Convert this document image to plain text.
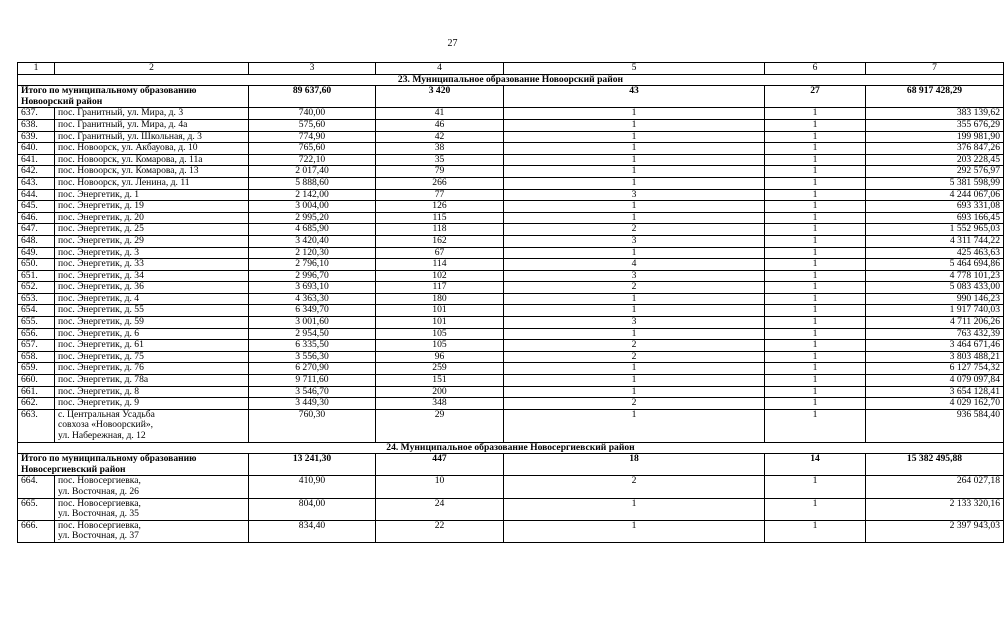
27
1	2	3	4	5	6	7
23. Муниципальное образование Новоорский район						

Итого по муниципальному образованию
Новоорский район		89 637,60	3 420	43	27	68 917 428,29
637.	пос. Гранитный, ул. Мира, д. 3	740,00	41	1	1	383 139,62
638.	пос. Гранитный, ул. Мира, д. 4а	575,60	46	1	1	355 676,29
639.	пос. Гранитный, ул. Школьная, д. 3	774,90	42	1	1	199 981,90
640.	пос. Новоорск, ул. Акбауова, д. 10	765,60	38	1	1	376 847,26
641.	пос. Новоорск, ул. Комарова, д. 11а	722,10	35	1	1	203 228,45
642.	пос. Новоорск, ул. Комарова, д. 13	2 017,40	79	1	1	292 576,97
643.	пос. Новоорск, ул. Ленина, д. 11	5 888,60	266	1	1	5 381 598,99
644.	пос. Энергетик, д. 1	2 142,00	77	3	1	4 244 067,06
645.	пос. Энергетик, д. 19	3 004,00	126	1	1	693 331,08
646.	пос. Энергетик, д. 20	2 995,20	115	1	1	693 166,45
647.	пос. Энергетик, д. 25	4 685,90	118	2	1	1 552 965,03
648.	пос. Энергетик, д. 29	3 420,40	162	3	1	4 311 744,22
649.	пос. Энергетик, д. 3	2 120,30	67	1	1	425 463,63
650.	пос. Энергетик, д. 33	2 796,10	114	4	1	5 464 694,86
651.	пос. Энергетик, д. 34	2 996,70	102	3	1	4 778 101,23
652.	пос. Энергетик, д. 36	3 693,10	117	2	1	5 083 433,00
653.	пос. Энергетик, д. 4	4 363,30	180	1	1	990 146,23
654.	пос. Энергетик, д. 55	6 349,70	101	1	1	1 917 740,03
655.	пос. Энергетик, д. 59	3 001,60	101	3	1	4 711 206,26
656.	пос. Энергетик, д. 6	2 954,50	105	1	1	763 432,39
657.	пос. Энергетик, д. 61	6 335,50	105	2	1	3 464 671,46
658.	пос. Энергетик, д. 75	3 556,30	96	2	1	3 803 488,21
659.	пос. Энергетик, д. 76	6 270,90	259	1	1	6 127 754,32
660.	пос. Энергетик, д. 78а	9 711,60	151	1	1	4 079 097,84
661.	пос. Энергетик, д. 8	3 546,70	200	1	1	3 654 128,41
662.	пос. Энергетик, д. 9	3 449,30	348	2	1	4 029 162,70
663.	с. Центральная Усадьба
совхоза «Новоорский»,
ул. Набережная, д. 12	760,30	29	1	1	936 584,40
24. Муниципальное образование Новосергиевский район						

Итого по муниципальному образованию
Новосергиевский район		13 241,30	447	18	14	15 382 495,88
664.	пос. Новосергиевка,
ул. Восточная, д. 26	410,90	10	2	1	264 027,18
665.	пос. Новосергиевка,
ул. Восточная, д. 35	804,00	24	1	1	2 133 320,16
666.	пос. Новосергиевка,
ул. Восточная, д. 37	834,40	22	1	1	2 397 943,03
